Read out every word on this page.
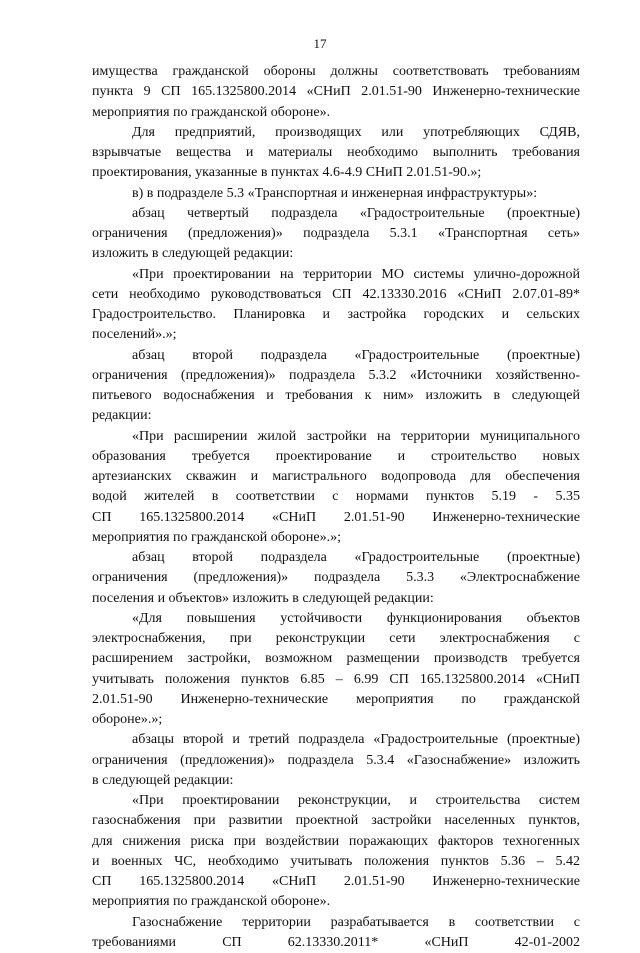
17
имущества гражданской обороны должны соответствовать требованиям
пункта 9 СП 165.1325800.2014 «СНиП 2.01.51-90 Инженерно-технические
мероприятия по гражданской обороне».
Для предприятий, производящих или употребляющих СДЯВ,
взрывчатые вещества и материалы необходимо выполнить требования
проектирования, указанные в пунктах 4.6-4.9 СНиП 2.01.51-90.»;
в) в подразделе 5.3 «Транспортная и инженерная инфраструктуры»:
абзац четвертый подраздела «Градостроительные (проектные)
ограничения (предложения)» подраздела 5.3.1 «Транспортная сеть»
изложить в следующей редакции:
«При проектировании на территории МО системы улично-дорожной
сети необходимо руководствоваться СП 42.13330.2016 «СНиП 2.07.01-89*
Градостроительство. Планировка и застройка городских и сельских
поселений».»;
абзац второй подраздела «Градостроительные (проектные)
ограничения (предложения)» подраздела 5.3.2 «Источники хозяйственно-
питьевого водоснабжения и требования к ним» изложить в следующей
редакции:
«При расширении жилой застройки на территории муниципального
образования требуется проектирование и строительство новых
артезианских скважин и магистрального водопровода для обеспечения
водой жителей в соответствии с нормами пунктов 5.19 - 5.35
СП 165.1325800.2014 «СНиП 2.01.51-90 Инженерно-технические
мероприятия по гражданской обороне».»;
абзац второй подраздела «Градостроительные (проектные)
ограничения (предложения)» подраздела 5.3.3 «Электроснабжение
поселения и объектов» изложить в следующей редакции:
«Для повышения устойчивости функционирования объектов
электроснабжения, при реконструкции сети электроснабжения с
расширением застройки, возможном размещении производств требуется
учитывать положения пунктов 6.85 – 6.99 СП 165.1325800.2014 «СНиП
2.01.51-90 Инженерно-технические мероприятия по гражданской
обороне».»;
абзацы второй и третий подраздела «Градостроительные (проектные)
ограничения (предложения)» подраздела 5.3.4 «Газоснабжение» изложить
в следующей редакции:
«При проектировании реконструкции, и строительства систем
газоснабжения при развитии проектной застройки населенных пунктов,
для снижения риска при воздействии поражающих факторов техногенных
и военных ЧС, необходимо учитывать положения пунктов 5.36 – 5.42
СП 165.1325800.2014 «СНиП 2.01.51-90 Инженерно-технические
мероприятия по гражданской обороне».
Газоснабжение территории разрабатывается в соответствии с
требованиями СП 62.13330.2011* «СНиП 42-01-2002
